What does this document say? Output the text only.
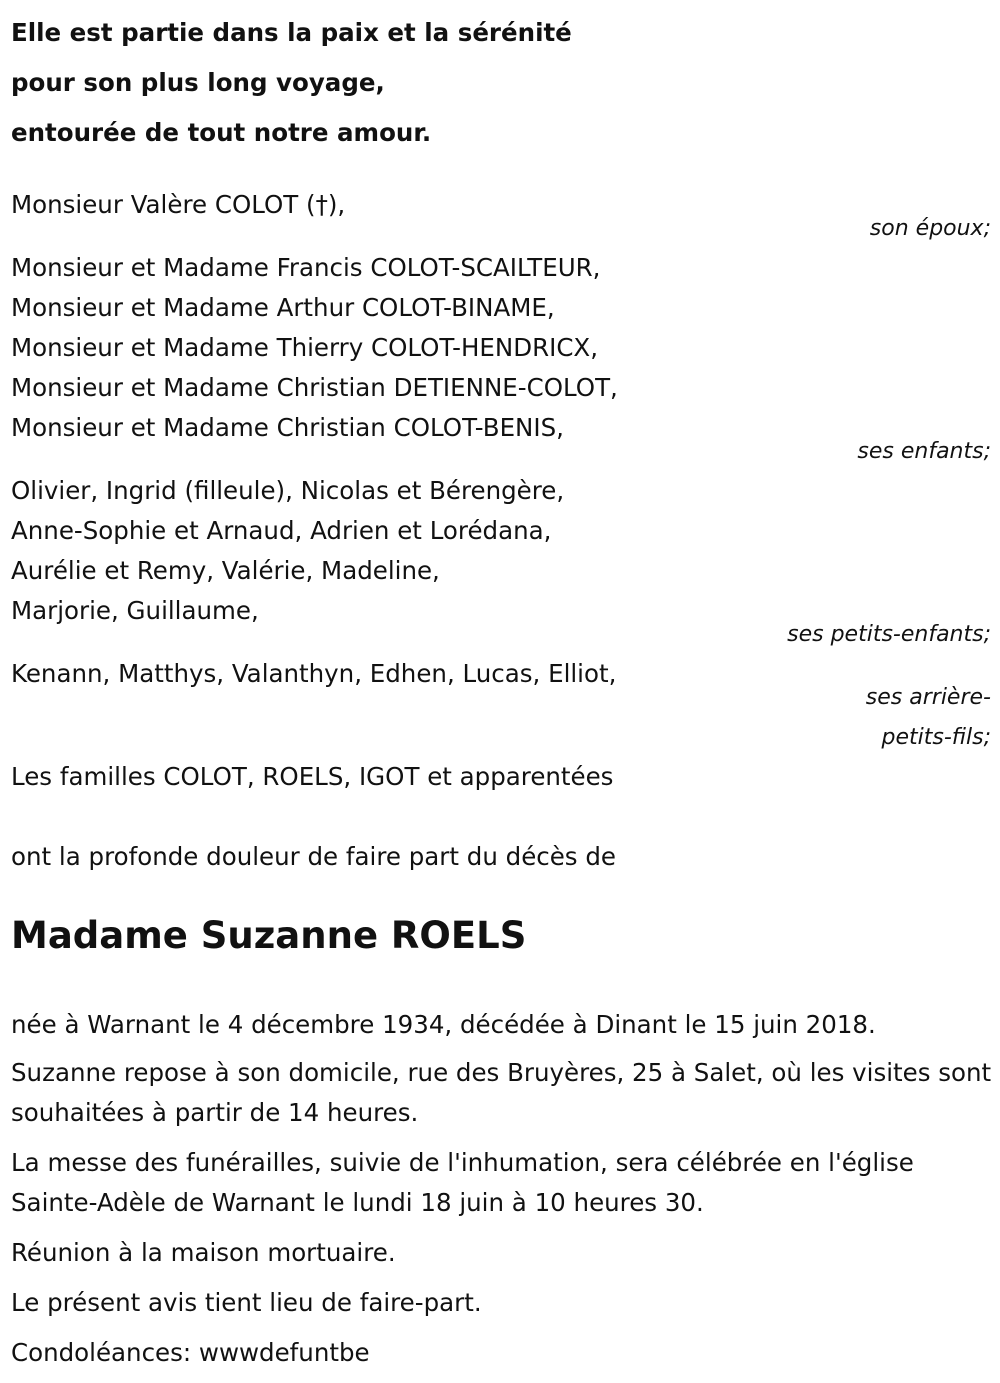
Elle est partie dans la paix et la sérénité
pour son plus long voyage,
entourée de tout notre amour.
Monsieur Valère COLOT (†),
son époux;
Monsieur et Madame Francis COLOT-SCAILTEUR,
Monsieur et Madame Arthur COLOT-BINAME,
Monsieur et Madame Thierry COLOT-HENDRICX,
Monsieur et Madame Christian DETIENNE-COLOT,
Monsieur et Madame Christian COLOT-BENIS,
ses enfants;
Olivier, Ingrid (filleule), Nicolas et Bérengère,
Anne-Sophie et Arnaud, Adrien et Lorédana,
Aurélie et Remy, Valérie, Madeline,
Marjorie, Guillaume,
ses petits-enfants;
Kenann, Matthys, Valanthyn, Edhen, Lucas, Elliot,
ses arrière-
petits-fils;
Les familles COLOT, ROELS, IGOT et apparentées
ont la profonde douleur de faire part du décès de
Madame Suzanne ROELS
née à Warnant le 4 décembre 1934, décédée à Dinant le 15 juin 2018.
Suzanne repose à son domicile, rue des Bruyères, 25 à Salet, où les visites sont souhaitées à partir de 14 heures.
La messe des funérailles, suivie de l'inhumation, sera célébrée en l'église Sainte-Adèle de Warnant le lundi 18 juin à 10 heures 30.
Réunion à la maison mortuaire.
Le présent avis tient lieu de faire-part.
Condoléances: wwwdefuntbe
